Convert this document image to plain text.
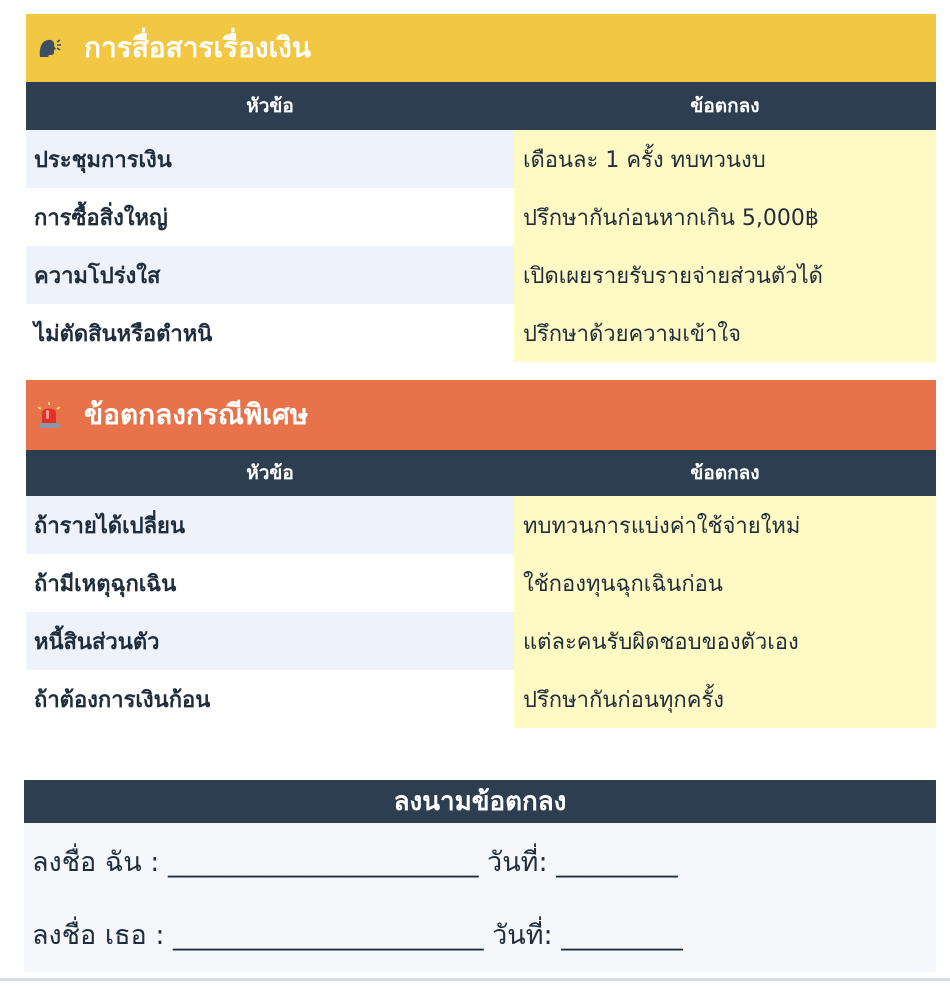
การสื่อสารเรื่องเงิน
หัวข้อ	ข้อตกลง
ประชุมการเงิน	เดือนละ 1 ครั้ง ทบทวนงบ
การซื้อสิ่งใหญ่	ปรึกษากันก่อนหากเกิน 5,000฿
ความโปร่งใส	เปิดเผยรายรับรายจ่ายส่วนตัวได้
ไม่ตัดสินหรือตำหนิ	ปรึกษาด้วยความเข้าใจ
ข้อตกลงกรณีพิเศษ
หัวข้อ	ข้อตกลง
ถ้ารายได้เปลี่ยน	ทบทวนการแบ่งค่าใช้จ่ายใหม่
ถ้ามีเหตุฉุกเฉิน	ใช้กองทุนฉุกเฉินก่อน
หนี้สินส่วนตัว	แต่ละคนรับผิดชอบของตัวเอง
ถ้าต้องการเงินก้อน	ปรึกษากันก่อนทุกครั้ง
ลงนามข้อตกลง
ลงชื่อ ฉัน : _______________________ วันที่: _________
ลงชื่อ เธอ : _______________________ วันที่: _________
